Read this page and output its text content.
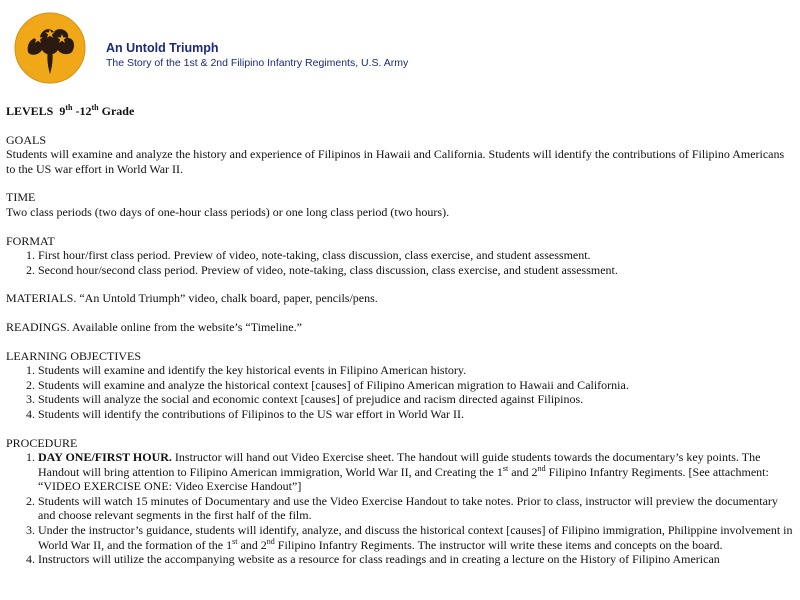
An Untold Triumph
The Story of the 1st & 2nd Filipino Infantry Regiments, U.S. Army

LEVELS 9th -12th Grade

GOALS

Students will examine and analyze the history and experience of Filipinos in Hawaii and California. Students will identify the contributions of Filipino Americans to the US war effort in World War II.

TIME

Two class periods (two days of one-hour class periods) or one long class period (two hours).

FORMAT

1. First hour/first class period. Preview of video, note-taking, class discussion, class exercise, and student assessment.
2. Second hour/second class period. Preview of video, note-taking, class discussion, class exercise, and student assessment.

MATERIALS. “An Untold Triumph” video, chalk board, paper, pencils/pens.

READINGS. Available online from the website’s “Timeline.”

LEARNING OBJECTIVES

1. Students will examine and identify the key historical events in Filipino American history.
2. Students will examine and analyze the historical context [causes] of Filipino American migration to Hawaii and California.
3. Students will analyze the social and economic context [causes] of prejudice and racism directed against Filipinos.
4. Students will identify the contributions of Filipinos to the US war effort in World War II.

PROCEDURE

1. DAY ONE/FIRST HOUR. Instructor will hand out Video Exercise sheet. The handout will guide students towards the documentary’s key points. The Handout will bring attention to Filipino American immigration, World War II, and Creating the 1st and 2nd Filipino Infantry Regiments. [See attachment: “VIDEO EXERCISE ONE: Video Exercise Handout”]
2. Students will watch 15 minutes of Documentary and use the Video Exercise Handout to take notes. Prior to class, instructor will preview the documentary and choose relevant segments in the first half of the film.
3. Under the instructor’s guidance, students will identify, analyze, and discuss the historical context [causes] of Filipino immigration, Philippine involvement in World War II, and the formation of the 1st and 2nd Filipino Infantry Regiments. The instructor will write these items and concepts on the board.
4. Instructors will utilize the accompanying website as a resource for class readings and in creating a lecture on the History of Filipino American
